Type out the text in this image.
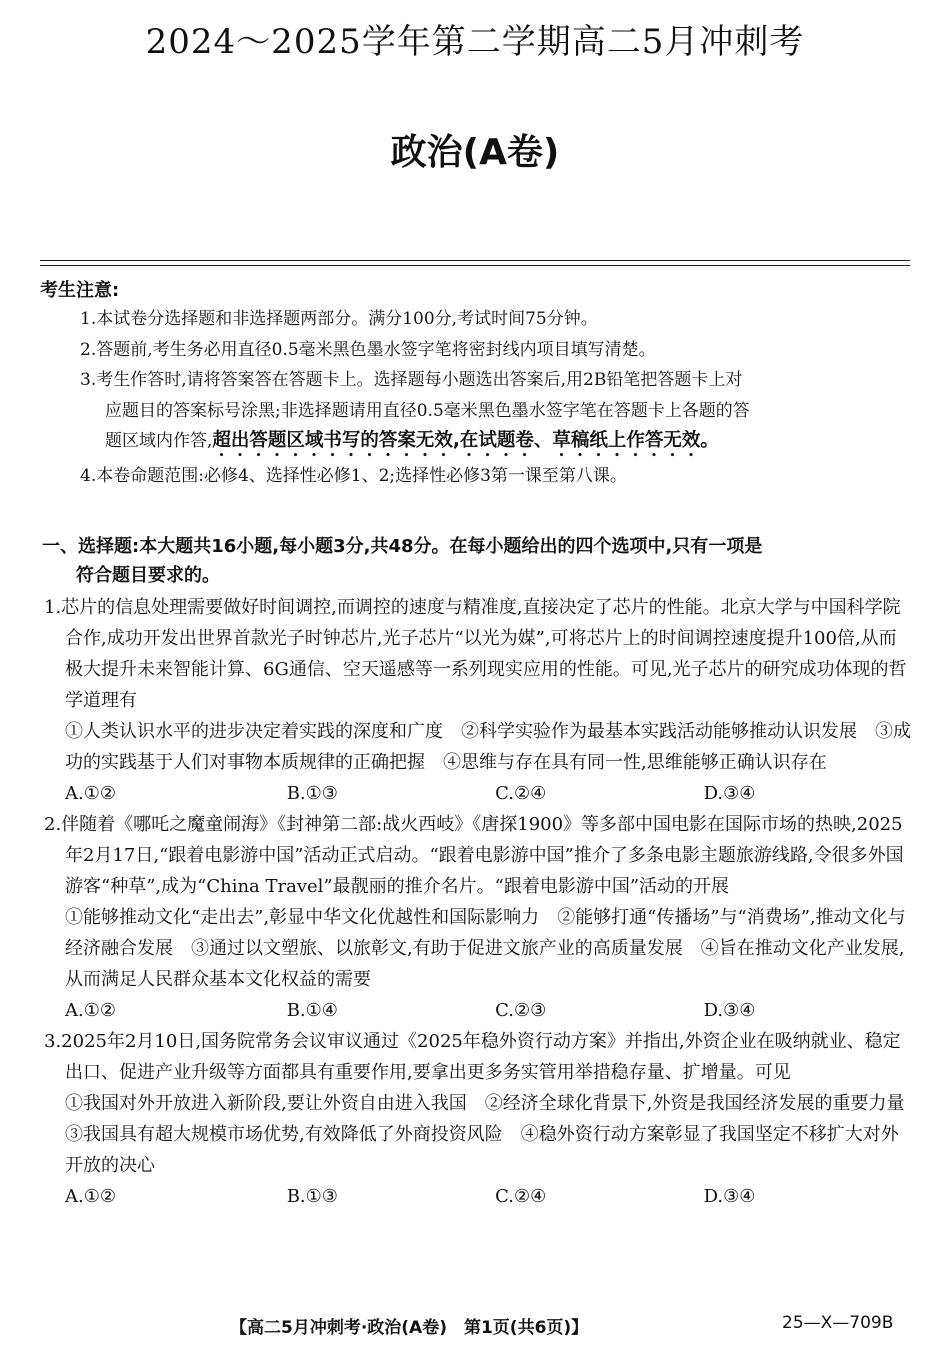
2024～2025学年第二学期高二5月冲刺考
政治(A卷)
考生注意:

1.本试卷分选择题和非选择题两部分。满分100分,考试时间75分钟。

2.答题前,考生务必用直径0.5毫米黑色墨水签字笔将密封线内项目填写清楚。

3.考生作答时,请将答案答在答题卡上。选择题每小题选出答案后,用2B铅笔把答题卡上对
应题目的答案标号涂黑;非选择题请用直径0.5毫米黑色墨水签字笔在答题卡上各题的答
题区域内作答,超出答题区域书写的答案无效,在试题卷、草稿纸上作答无效。

4.本卷命题范围:必修4、选择性必修1、2;选择性必修3第一课至第八课。

一、选择题:本大题共16小题,每小题3分,共48分。在每小题给出的四个选项中,只有一项是
符合题目要求的。

1.芯片的信息处理需要做好时间调控,而调控的速度与精准度,直接决定了芯片的性能。北京大学与中国科学院合作,成功开发出世界首款光子时钟芯片,光子芯片“以光为媒”,可将芯片上的时间调控速度提升100倍,从而极大提升未来智能计算、6G通信、空天遥感等一系列现实应用的性能。可见,光子芯片的研究成功体现的哲学道理有

①人类认识水平的进步决定着实践的深度和广度　②科学实验作为最基本实践活动能够推动认识发展　③成功的实践基于人们对事物本质规律的正确把握　④思维与存在具有同一性,思维能够正确认识存在

A.①②	B.①③	C.②④	D.③④

2.伴随着《哪吒之魔童闹海》《封神第二部:战火西岐》《唐探1900》等多部中国电影在国际市场的热映,2025年2月17日,“跟着电影游中国”活动正式启动。“跟着电影游中国”推介了多条电影主题旅游线路,令很多外国游客“种草”,成为“China Travel”最靓丽的推介名片。“跟着电影游中国”活动的开展

①能够推动文化“走出去”,彰显中华文化优越性和国际影响力　②能够打通“传播场”与“消费场”,推动文化与经济融合发展　③通过以文塑旅、以旅彰文,有助于促进文旅产业的高质量发展　④旨在推动文化产业发展,从而满足人民群众基本文化权益的需要

A.①②	B.①④	C.②③	D.③④

3.2025年2月10日,国务院常务会议审议通过《2025年稳外资行动方案》并指出,外资企业在吸纳就业、稳定出口、促进产业升级等方面都具有重要作用,要拿出更多务实管用举措稳存量、扩增量。可见

①我国对外开放进入新阶段,要让外资自由进入我国　②经济全球化背景下,外资是我国经济发展的重要力量　③我国具有超大规模市场优势,有效降低了外商投资风险　④稳外资行动方案彰显了我国坚定不移扩大对外开放的决心

A.①②	B.①③	C.②④	D.③④
【高二5月冲刺考·政治(A卷)　第1页(共6页)】	25—X—709B
